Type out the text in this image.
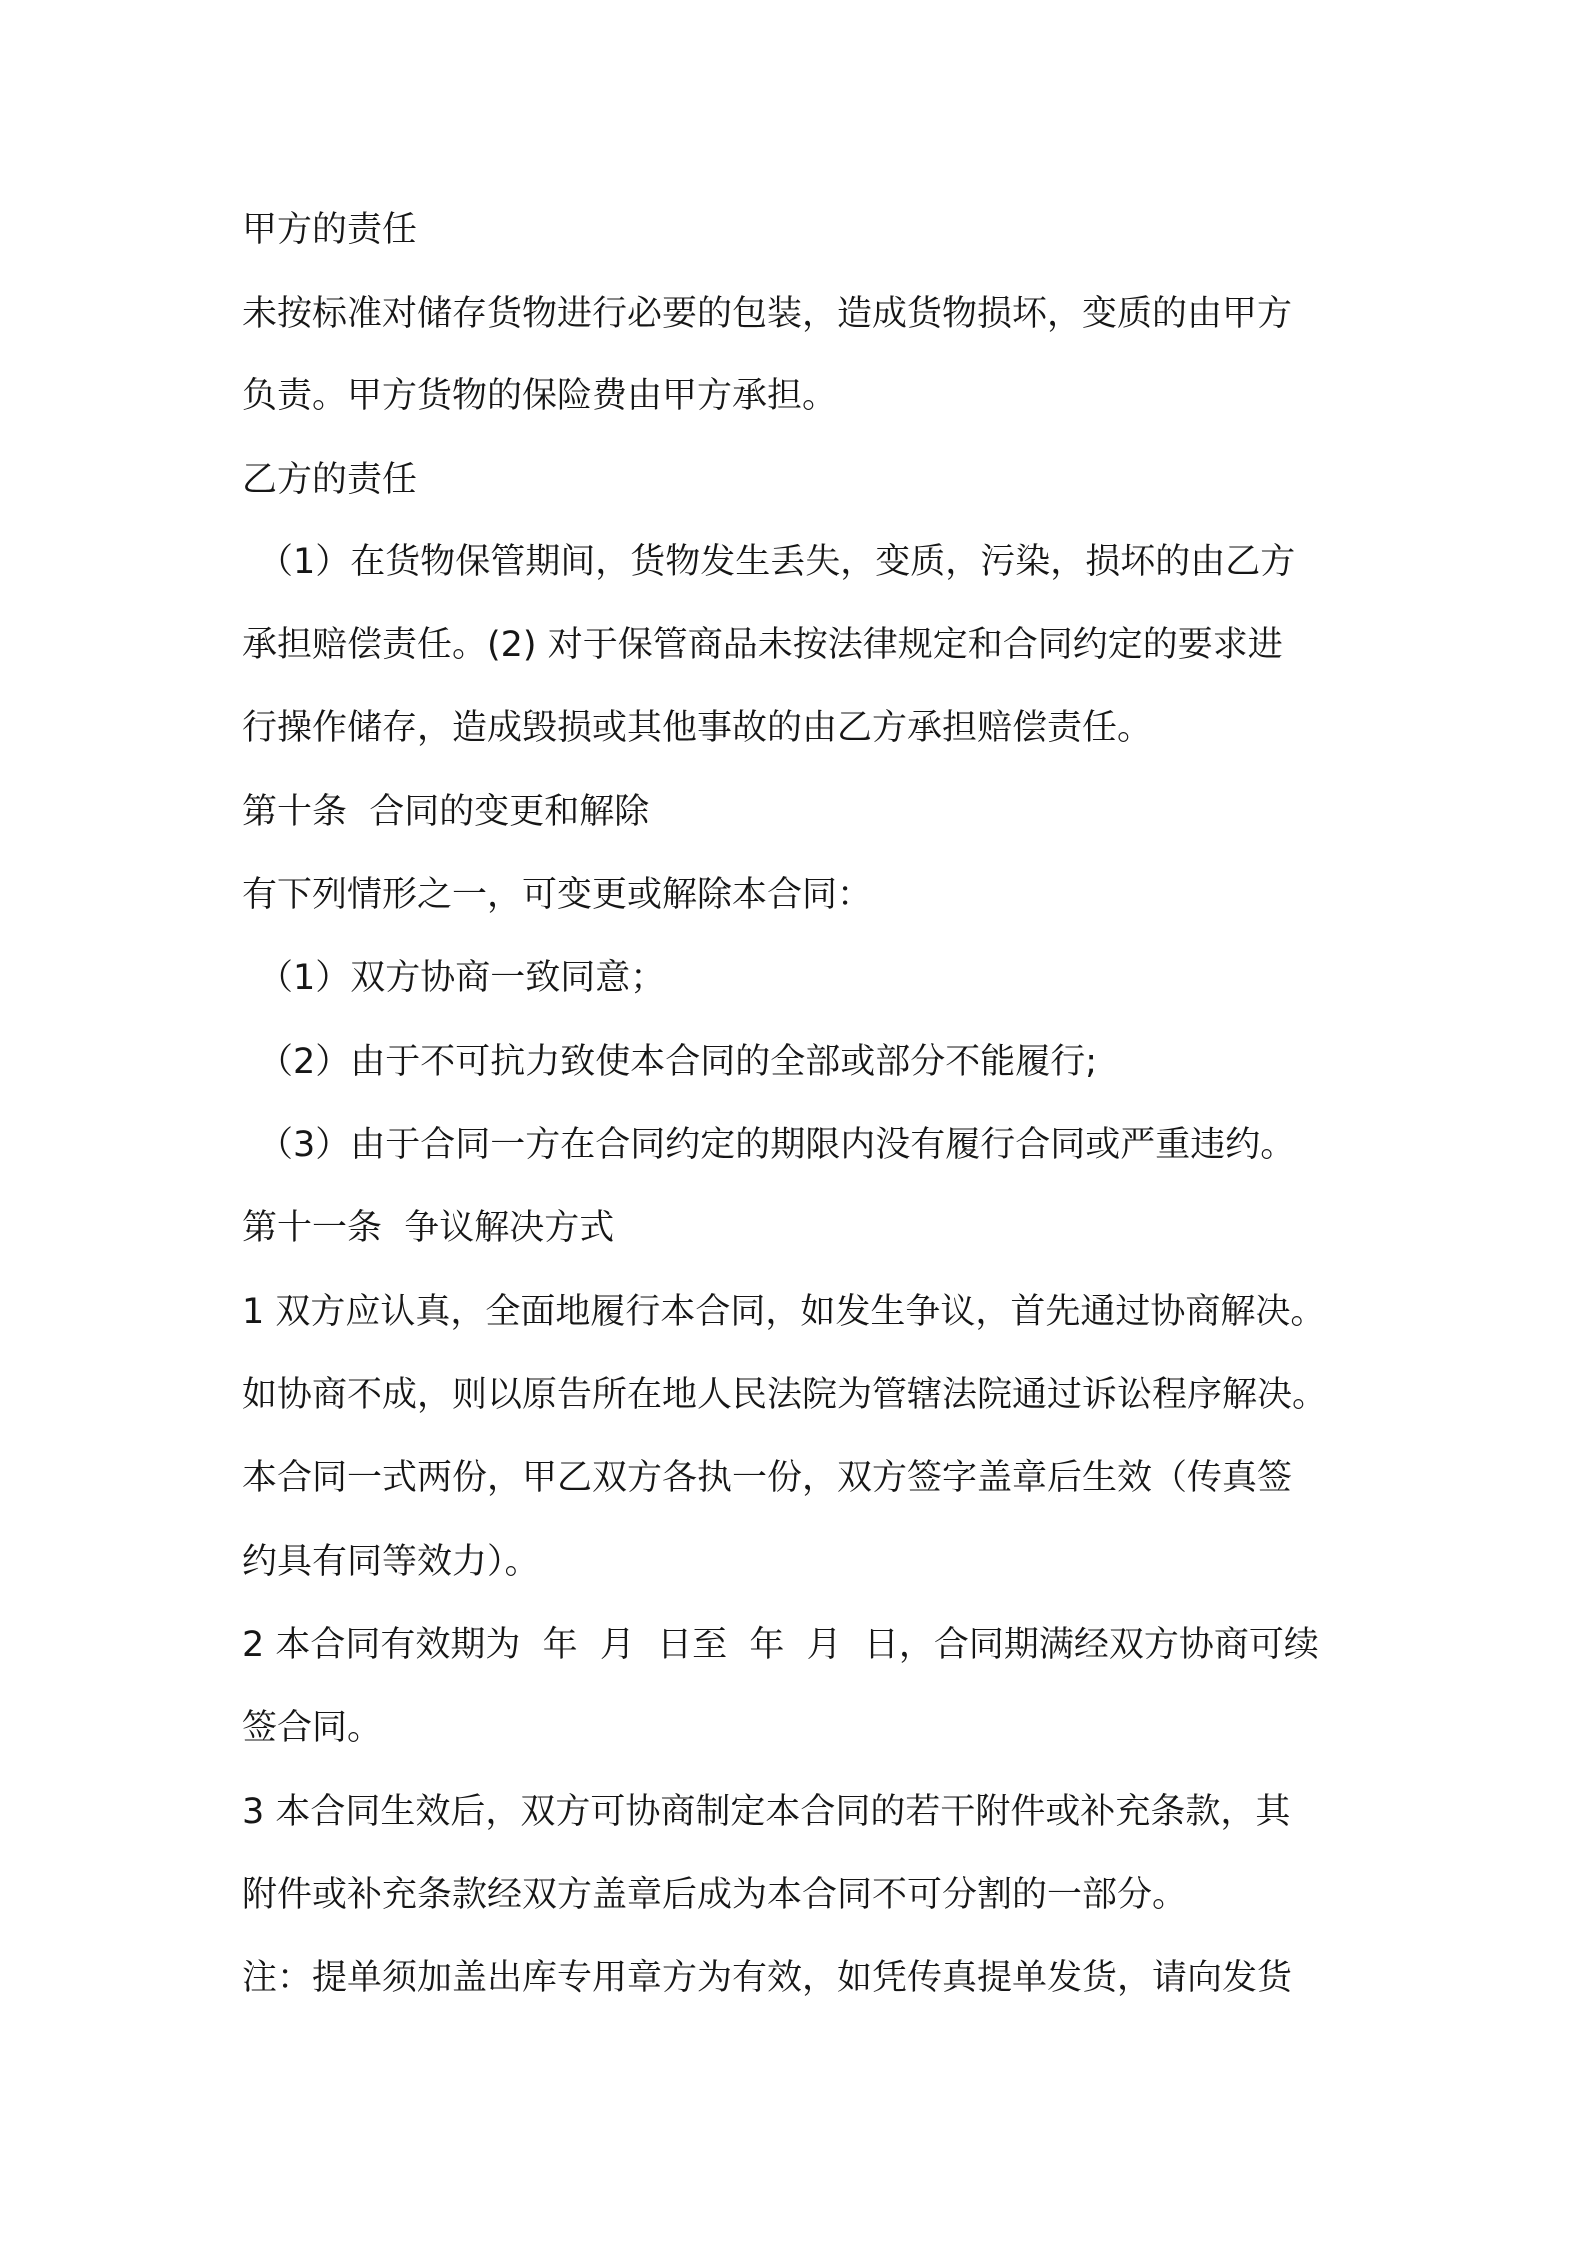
甲方的责任

未按标准对储存货物进行必要的包装，造成货物损坏，变质的由甲方

负责。甲方货物的保险费由甲方承担。

乙方的责任

（1）在货物保管期间，货物发生丢失，变质，污染，损坏的由乙方

承担赔偿责任。(2) 对于保管商品未按法律规定和合同约定的要求进

行操作储存，造成毁损或其他事故的由乙方承担赔偿责任。

第十条  合同的变更和解除

有下列情形之一，可变更或解除本合同：

（1）双方协商一致同意；

（2）由于不可抗力致使本合同的全部或部分不能履行;

（3）由于合同一方在合同约定的期限内没有履行合同或严重违约。

第十一条  争议解决方式

1 双方应认真，全面地履行本合同，如发生争议，首先通过协商解决。

如协商不成，则以原告所在地人民法院为管辖法院通过诉讼程序解决。

本合同一式两份，甲乙双方各执一份，双方签字盖章后生效（传真签

约具有同等效力）。

2 本合同有效期为  年  月  日至  年  月  日，合同期满经双方协商可续

签合同。

3 本合同生效后，双方可协商制定本合同的若干附件或补充条款，其

附件或补充条款经双方盖章后成为本合同不可分割的一部分。

注：提单须加盖出库专用章方为有效，如凭传真提单发货，请向发货
